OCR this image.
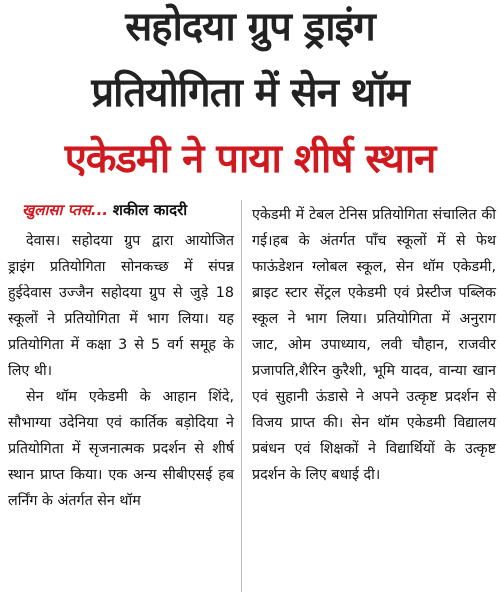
सहोदया ग्रुप ड्राइंग
प्रतियोगिता में सेन थॉम
एकेडमी ने पाया शीर्ष स्थान
खुलासा प्तस... शकील कादरी

देवास। सहोदया ग्रुप द्वारा आयोजित ड्राइंग प्रतियोगिता सोनकच्छ में संपन्न हुईदेवास उज्जैन सहोदया ग्रुप से जुड़े 18 स्कूलों ने प्रतियोगिता में भाग लिया। यह प्रतियोगिता में कक्षा 3 से 5 वर्ग समूह के लिए थी।

सेन थॉम एकेडमी के आहान शिंदे, सौभाग्या उदेनिया एवं कार्तिक बड़ोदिया ने प्रतियोगिता में सृजनात्मक प्रदर्शन से शीर्ष स्थान प्राप्त किया। एक अन्य सीबीएसई हब लर्निंग के अंतर्गत सेन थॉम

एकेडमी में टेबल टेनिस प्रतियोगिता संचालित की गई।हब के अंतर्गत पाँच स्कूलों में से फेथ फाऊंडेशन ग्लोबल स्कूल, सेन थॉम एकेडमी, ब्राइट स्टार सेंट्रल एकेडमी एवं प्रेस्टीज पब्लिक स्कूल ने भाग लिया। प्रतियोगिता में अनुराग जाट, ओम उपाध्याय, लवी चौहान, राजवीर प्रजापति,शैरिन कुरैशी, भूमि यादव, वान्या खान एवं सुहानी ऊंडासे ने अपने उत्कृष्ट प्रदर्शन से विजय प्राप्त की। सेन थॉम एकेडमी विद्यालय प्रबंधन एवं शिक्षकों ने विद्यार्थियों के उत्कृष्ट प्रदर्शन के लिए बधाई दी।
